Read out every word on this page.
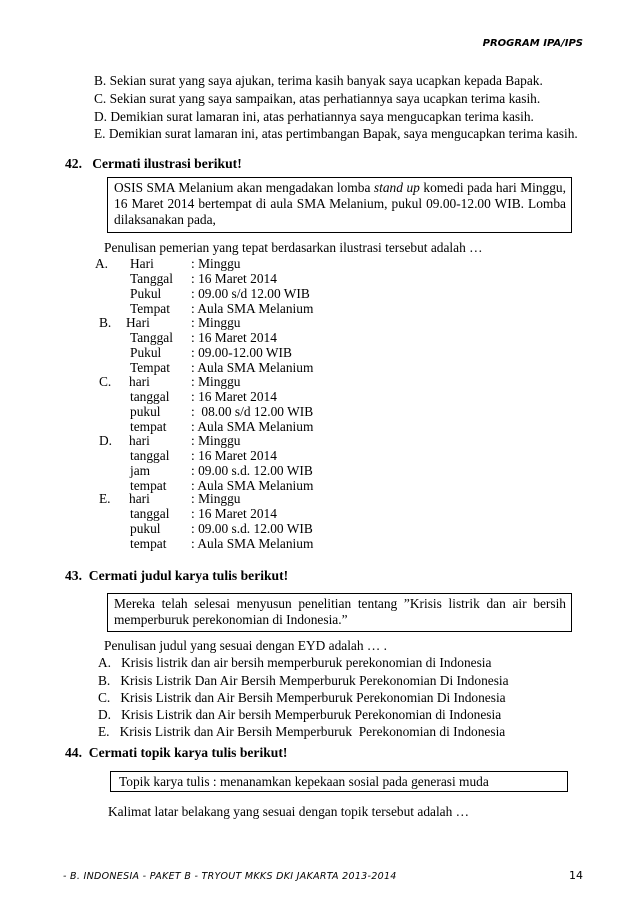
PROGRAM IPA/IPS
B. Sekian surat yang saya ajukan, terima kasih banyak saya ucapkan kepada Bapak.
C. Sekian surat yang saya sampaikan, atas perhatiannya saya ucapkan terima kasih.
D. Demikian surat lamaran ini, atas perhatiannya saya mengucapkan terima kasih.
E. Demikian surat lamaran ini, atas pertimbangan Bapak, saya mengucapkan terima kasih.
42. Cermati ilustrasi berikut!
OSIS SMA Melanium akan mengadakan lomba stand up komedi pada hari Minggu,
16 Maret 2014 bertempat di aula SMA Melanium, pukul 09.00-12.00 WIB. Lomba
dilaksanakan pada,
Penulisan pemerian yang tepat berdasarkan ilustrasi tersebut adalah …
A. Hari	: Minggu
Tanggal : 16 Maret 2014
Pukul : 09.00 s/d 12.00 WIB
Tempat : Aula SMA Melanium
B. Hari	: Minggu
Tanggal : 16 Maret 2014
Pukul : 09.00-12.00 WIB
Tempat : Aula SMA Melanium
C. hari	: Minggu
tanggal : 16 Maret 2014
pukul :  08.00 s/d 12.00 WIB
tempat : Aula SMA Melanium
D. hari	: Minggu
tanggal : 16 Maret 2014
jam	: 09.00 s.d. 12.00 WIB
tempat : Aula SMA Melanium
E. hari	: Minggu
tanggal : 16 Maret 2014
pukul : 09.00 s.d. 12.00 WIB
tempat : Aula SMA Melanium
43. Cermati judul karya tulis berikut!
Mereka telah selesai menyusun penelitian tentang ”Krisis listrik dan air bersih
memperburuk perekonomian di Indonesia.”
Penulisan judul yang sesuai dengan EYD adalah … .
A. Krisis listrik dan air bersih memperburuk perekonomian di Indonesia
B. Krisis Listrik Dan Air Bersih Memperburuk Perekonomian Di Indonesia
C. Krisis Listrik dan Air Bersih Memperburuk Perekonomian Di Indonesia
D. Krisis Listrik dan Air bersih Memperburuk Perekonomian di Indonesia
E. Krisis Listrik dan Air Bersih Memperburuk  Perekonomian di Indonesia
44. Cermati topik karya tulis berikut!
Topik karya tulis : menanamkan kepekaan sosial pada generasi muda
Kalimat latar belakang yang sesuai dengan topik tersebut adalah …
- B. INDONESIA - PAKET B - TRYOUT MKKS DKI JAKARTA 2013-2014	14
